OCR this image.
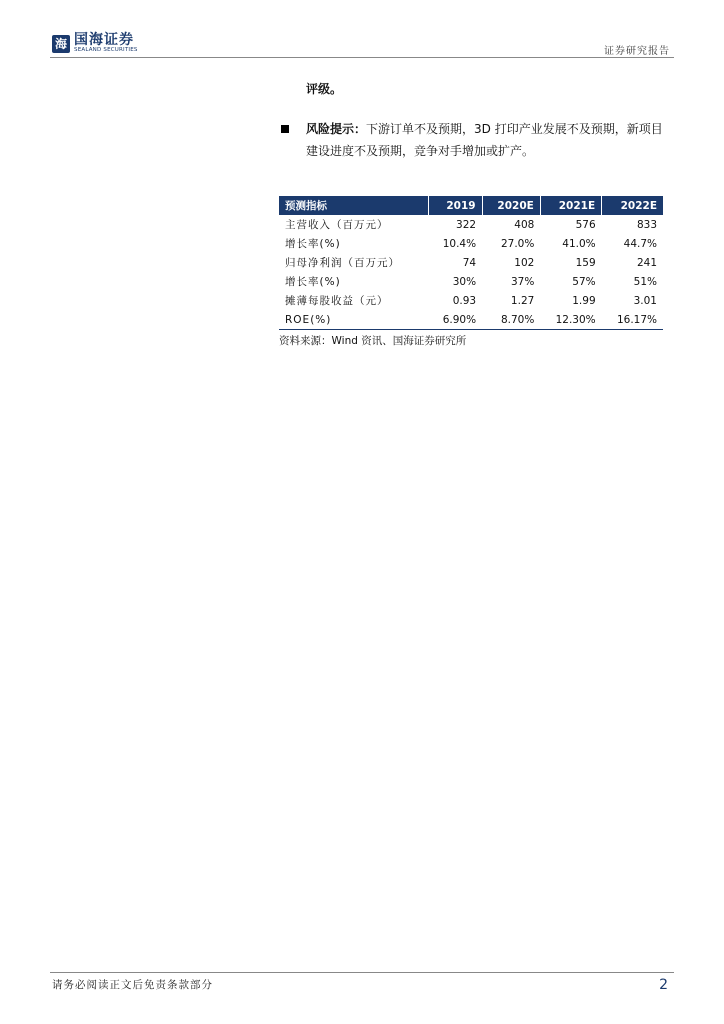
海 国海证券
SEALAND SECURITIES	证券研究报告
评级。
风险提示：下游订单不及预期，3D 打印产业发展不及预期，新项目建设进度不及预期，竞争对手增加或扩产。
预测指标	2019	2020E	2021E	2022E
主营收入（百万元）	322	408	576	833
增长率(%)	10.4%	27.0%	41.0%	44.7%
归母净利润（百万元）	74	102	159	241
增长率(%)	30%	37%	57%	51%
摊薄每股收益（元）	0.93	1.27	1.99	3.01
ROE(%)	6.90%	8.70%	12.30%	16.17%
资料来源：Wind 资讯、国海证券研究所
请务必阅读正文后免责条款部分	2
